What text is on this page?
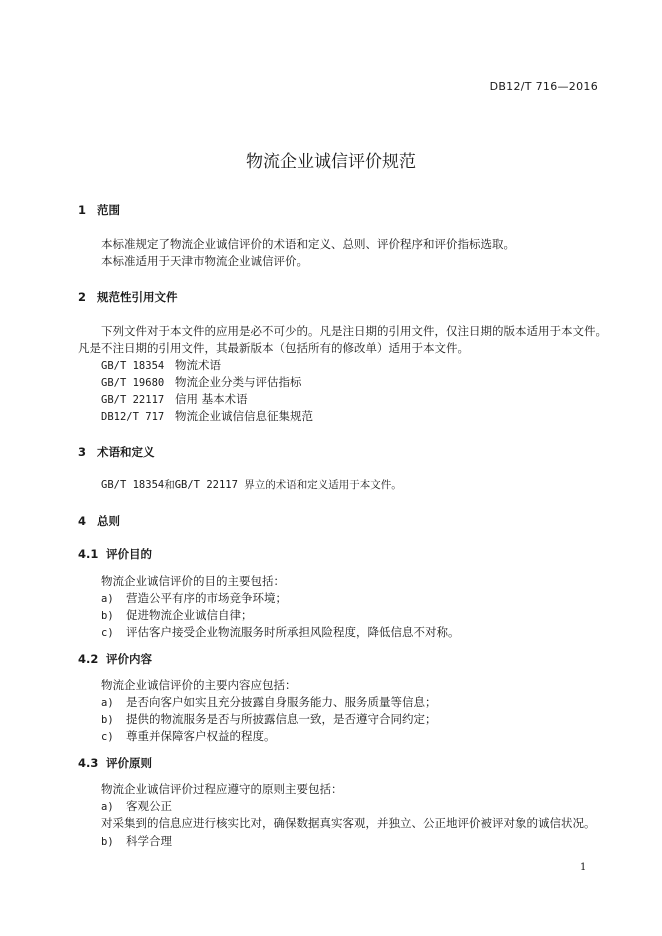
DB12/T 716—2016
物流企业诚信评价规范
1 范围
本标准规定了物流企业诚信评价的术语和定义、总则、评价程序和评价指标选取。
本标准适用于天津市物流企业诚信评价。
2 规范性引用文件
下列文件对于本文件的应用是必不可少的。凡是注日期的引用文件，仅注日期的版本适用于本文件。
凡是不注日期的引用文件，其最新版本（包括所有的修改单）适用于本文件。
GB/T 18354 物流术语
GB/T 19680 物流企业分类与评估指标
GB/T 22117 信用 基本术语
DB12/T 717 物流企业诚信信息征集规范
3 术语和定义
GB/T 18354和GB/T 22117 界立的术语和定义适用于本文件。
4 总则
4.1 评价目的
物流企业诚信评价的目的主要包括：
a) 营造公平有序的市场竞争环境；
b) 促进物流企业诚信自律；
c) 评估客户接受企业物流服务时所承担风险程度，降低信息不对称。
4.2 评价内容
物流企业诚信评价的主要内容应包括：
a) 是否向客户如实且充分披露自身服务能力、服务质量等信息；
b) 提供的物流服务是否与所披露信息一致，是否遵守合同约定；
c) 尊重并保障客户权益的程度。
4.3 评价原则
物流企业诚信评价过程应遵守的原则主要包括：
a) 客观公正
对采集到的信息应进行核实比对，确保数据真实客观，并独立、公正地评价被评对象的诚信状况。
b) 科学合理
1
